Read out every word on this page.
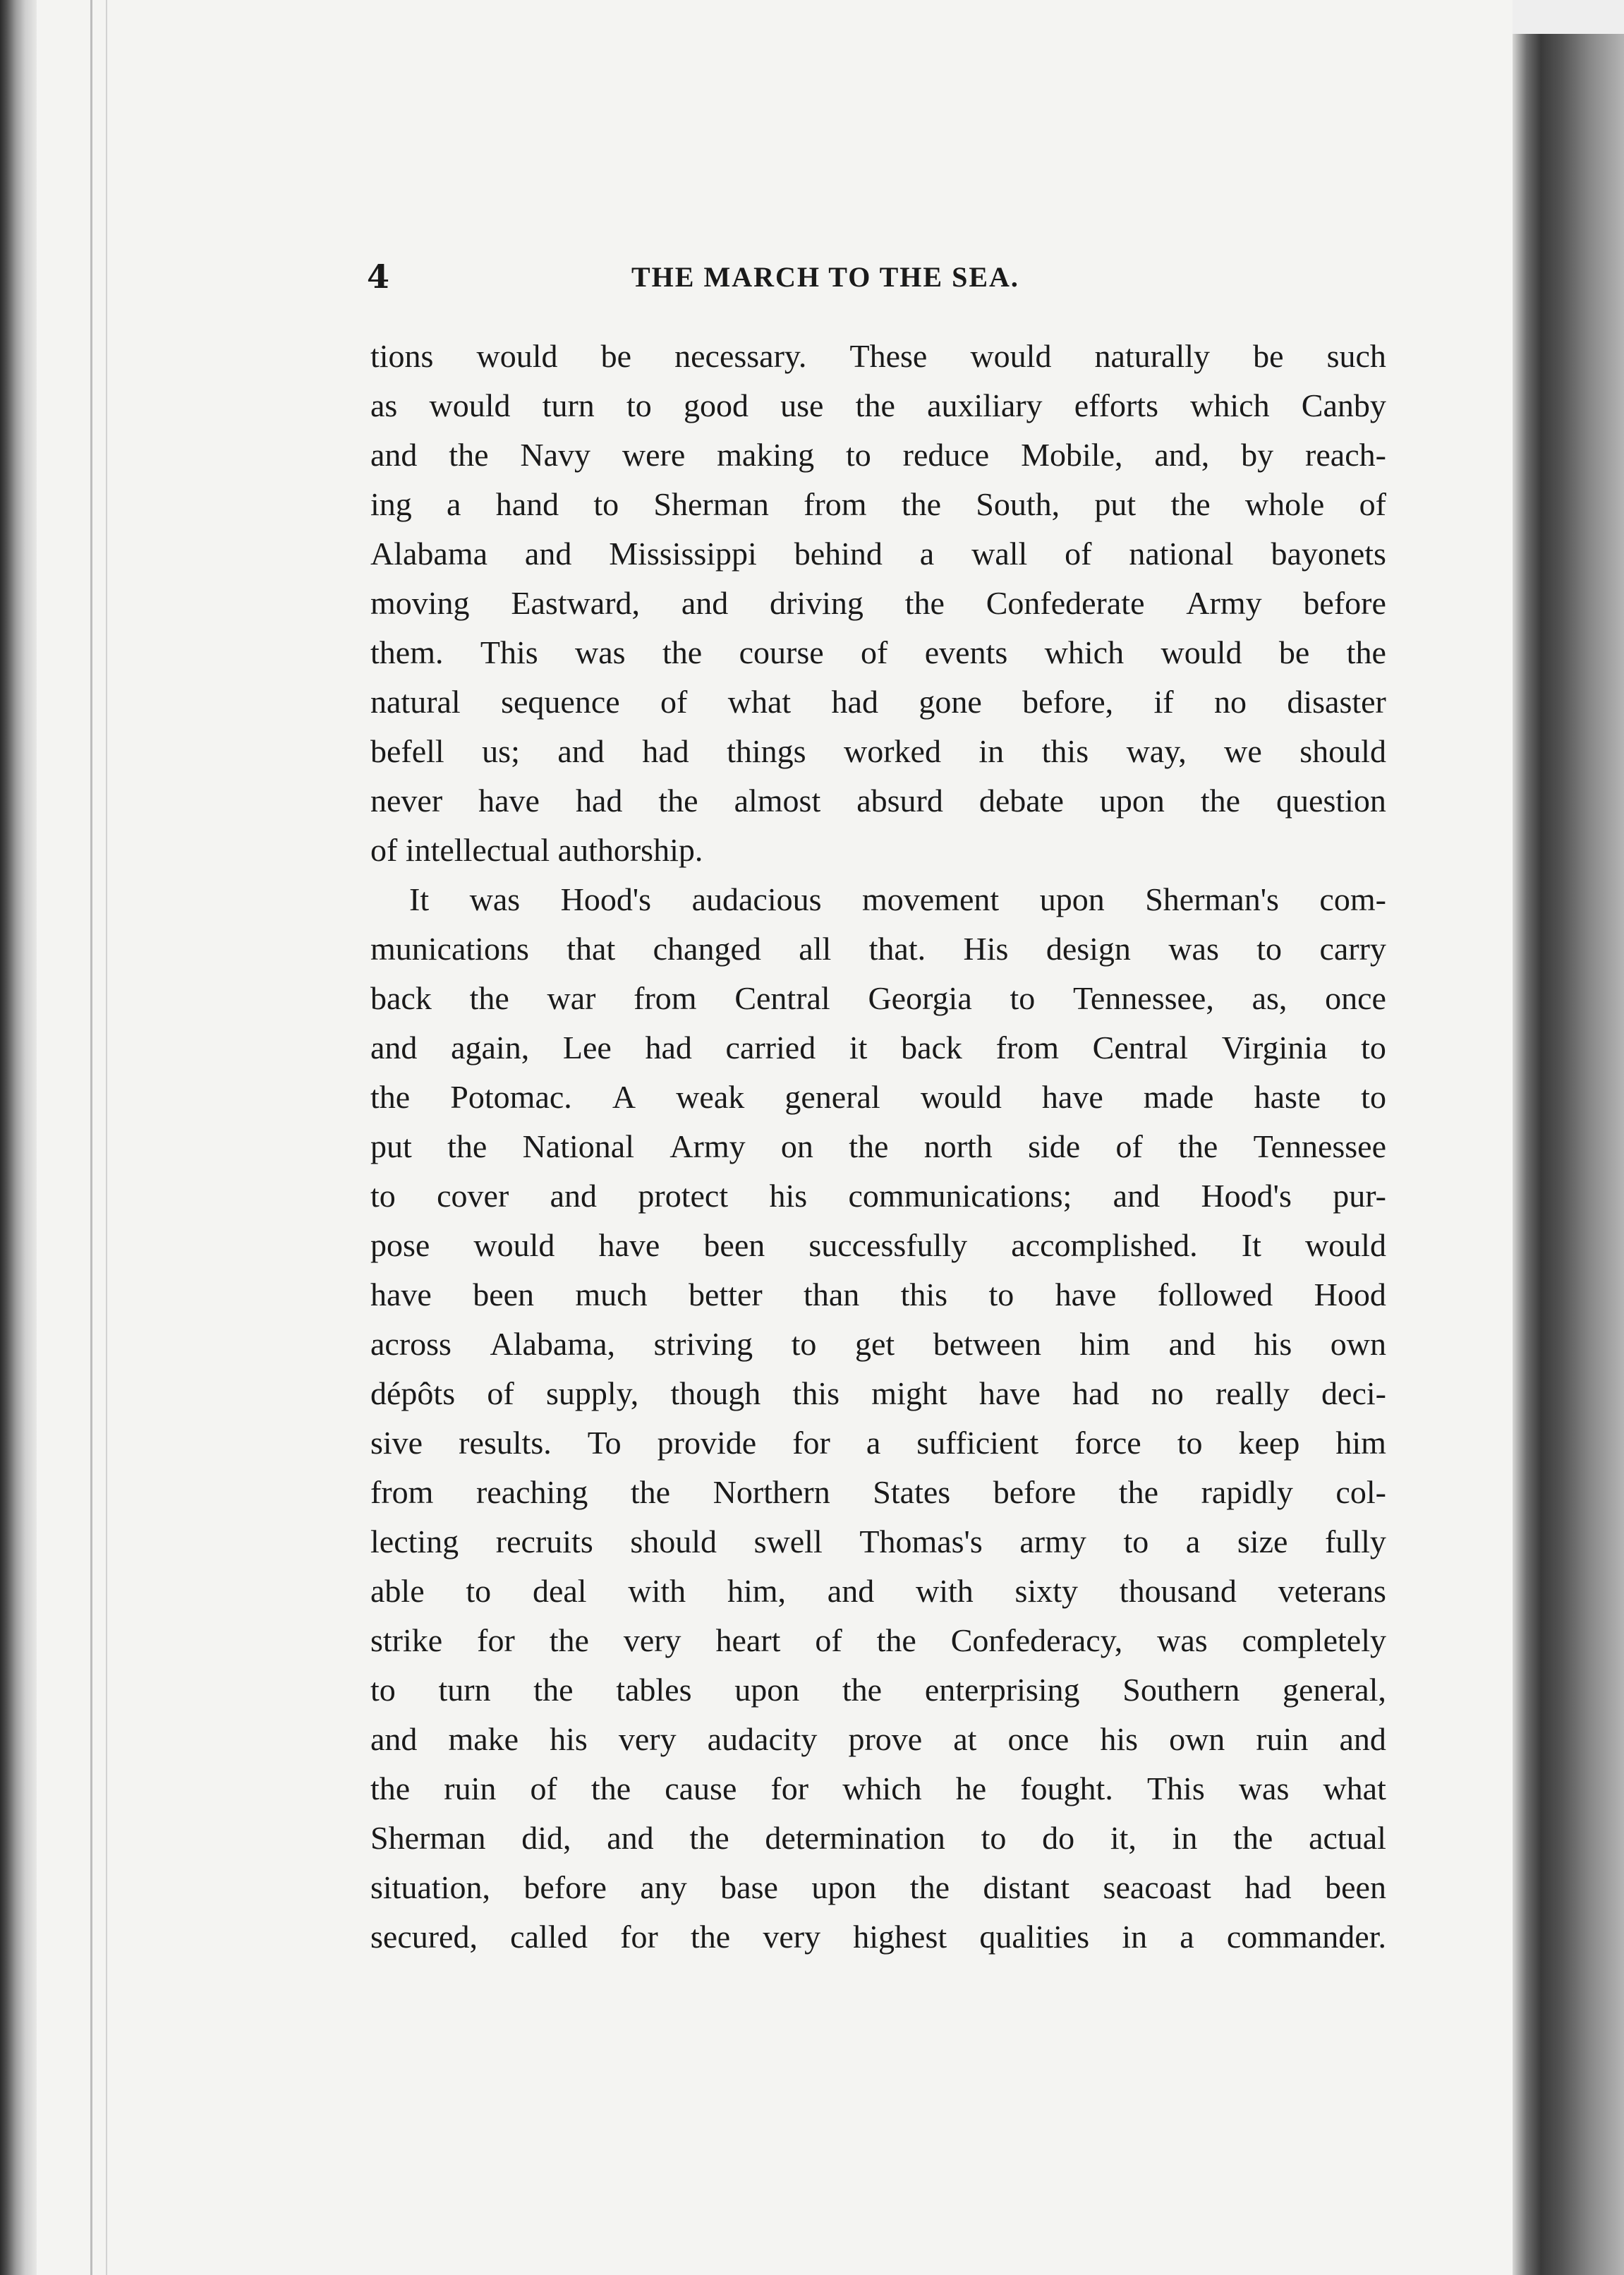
4	THE MARCH TO THE SEA.
tions would be necessary. These would naturally be such
as would turn to good use the auxiliary efforts which Canby
and the Navy were making to reduce Mobile, and, by reach-
ing a hand to Sherman from the South, put the whole of
Alabama and Mississippi behind a wall of national bayonets
moving Eastward, and driving the Confederate Army before
them. This was the course of events which would be the
natural sequence of what had gone before, if no disaster
befell us; and had things worked in this way, we should
never have had the almost absurd debate upon the question
of intellectual authorship.
It was Hood's audacious movement upon Sherman's com-
munications that changed all that. His design was to carry
back the war from Central Georgia to Tennessee, as, once
and again, Lee had carried it back from Central Virginia to
the Potomac. A weak general would have made haste to
put the National Army on the north side of the Tennessee
to cover and protect his communications; and Hood's pur-
pose would have been successfully accomplished. It would
have been much better than this to have followed Hood
across Alabama, striving to get between him and his own
dépôts of supply, though this might have had no really deci-
sive results. To provide for a sufficient force to keep him
from reaching the Northern States before the rapidly col-
lecting recruits should swell Thomas's army to a size fully
able to deal with him, and with sixty thousand veterans
strike for the very heart of the Confederacy, was completely
to turn the tables upon the enterprising Southern general,
and make his very audacity prove at once his own ruin and
the ruin of the cause for which he fought. This was what
Sherman did, and the determination to do it, in the actual
situation, before any base upon the distant seacoast had been
secured, called for the very highest qualities in a commander.
